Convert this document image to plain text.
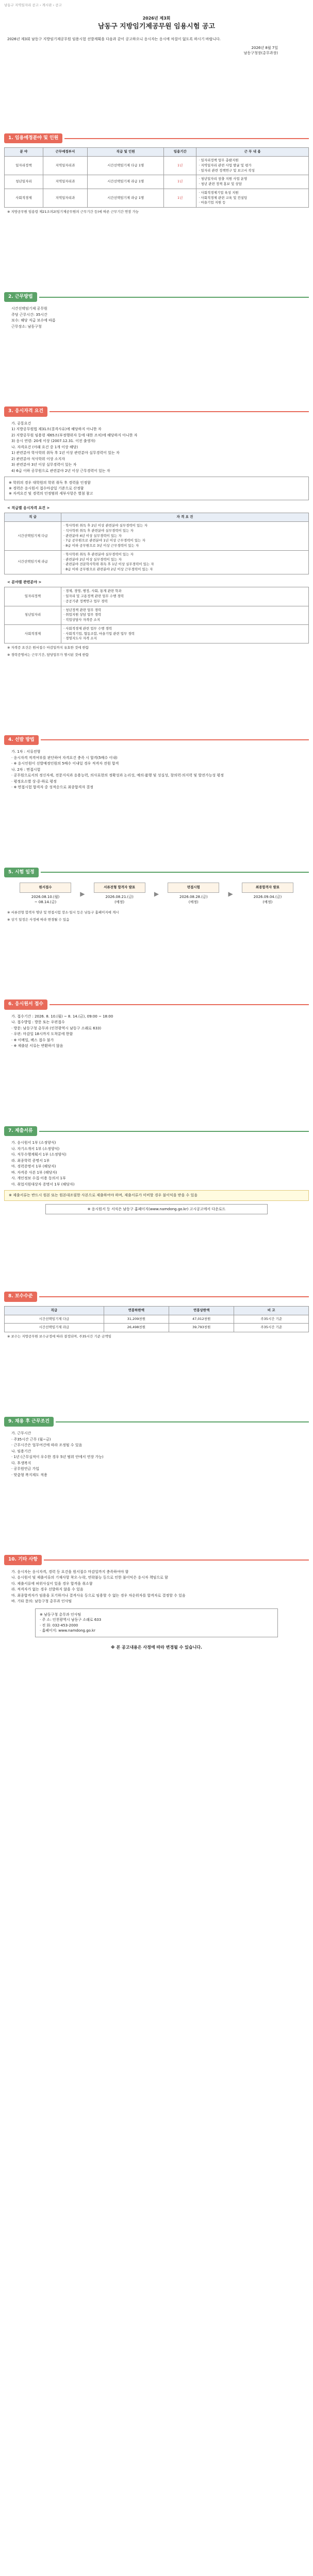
남동구 지역일자리 공고 › 게시판 › 공고
2026년 제3회
남동구 지방임기제공무원 임용시험 공고
2026년 제3회 남동구 지방임기제공무원 임용시험 선발계획을 다음과 같이 공고하오니 응시자는 응시에 차질이 없도록 하시기 바랍니다.
2026년 8월 7일
남동구청장(총무과장)
1. 임용예정분야 및 인원
분 야	근무예정부서	직급 및 인원	임용기간	근 무 내 용
일자리정책	지역일자리과	시간선택임기제 다급 1명	1년	· 일자리정책 업무 총괄지원
· 지역일자리 관련 사업 발굴 및 평가
· 일자리 관련 정책연구 및 보고서 작성
청년일자리	지역일자리과	시간선택임기제 라급 1명	1년	· 청년일자리 창출 지원 사업 운영
· 청년 관련 정책 홍보 및 상담
사회적경제	지역일자리과	시간선택임기제 라급 1명	1년	· 사회적경제기업 육성 지원
· 사회적경제 관련 교육 및 컨설팅
· 마을기업 지원 등
※ 지방공무원 임용령 제21조의2(임기제공무원의 근무기간 등)에 따른 근무기간 연장 가능
2. 근무방법
시간선택임기제 공무원
주당 근무시간: 35시간
보수: 해당 직급 보수에 따름
근무장소: 남동구청
3. 응시자격 요건
가. 공통요건
1) 지방공무원법 제31조(결격사유)에 해당하지 아니한 자
2) 지방공무원 임용령 제65조(부정행위자 등에 대한 조치)에 해당하지 아니한 자
3) 응시 연령: 20세 이상 (2007.12.31. 이전 출생자)
나. 자격요건 (아래 요건 중 1개 이상 해당)
1) 관련분야 학사학위 취득 후 1년 이상 관련분야 실무경력이 있는 자
2) 관련분야 석사학위 이상 소지자
3) 관련분야 3년 이상 실무경력이 있는 자
4) 6급 이하 공무원으로 관련분야 2년 이상 근무경력이 있는 자
※ 학위의 경우 대학원의 학위 취득 후 경력을 인정함
※ 경력은 응시원서 접수마감일 기준으로 산정함
※ 자격요건 및 경력의 인정범위 세부사항은 별첨 참고
< 직급별 응시자격 요건 >
직 급	자 격 요 건
시간선택임기제 다급	· 학사학위 취득 후 2년 이상 관련분야 실무경력이 있는 자
· 석사학위 취득 후 관련분야 실무경력이 있는 자
· 관련분야 4년 이상 실무경력이 있는 자
· 7급 공무원으로 관련분야 1년 이상 근무경력이 있는 자
· 8급 이하 공무원으로 3년 이상 근무경력이 있는 자
시간선택임기제 라급	· 학사학위 취득 후 관련분야 실무경력이 있는 자
· 관련분야 2년 이상 실무경력이 있는 자
· 관련분야 전문학사학위 취득 후 1년 이상 실무경력이 있는 자
· 8급 이하 공무원으로 관련분야 2년 이상 근무경력이 있는 자
< 분야별 관련분야 >
일자리정책	· 경제, 경영, 행정, 사회, 통계 관련 학과
· 일자리 및 고용정책 관련 업무 수행 경력
· 공공기관 정책연구 업무 경력
청년일자리	· 청년정책 관련 업무 경력
· 취업지원 상담 업무 경력
· 직업상담사 자격증 소지
사회적경제	· 사회적경제 관련 업무 수행 경력
· 사회적기업, 협동조합, 마을기업 관련 업무 경력
· 경영지도사 자격 소지
※ 자격증 요건은 원서접수 마감일까지 유효한 것에 한함
※ 경력증명서는 근무기간, 담당업무가 명시된 것에 한함
4. 선발 방법
가. 1차 : 서류전형
· 응시자격 적격여부를 판단하여 자격요건 충족 시 합격(5배수 이내)
· ※ 응시인원이 선발예정인원의 5배수 이내일 경우 적격자 전원 합격
나. 2차 : 면접시험
· 공무원으로서의 정신자세, 전문지식과 응용능력, 의사표현의 정확성과 논리성, 예의·품행 및 성실성, 창의력·의지력 및 발전가능성 평정
· 평정요소별 상·중·하로 평정
· ※ 면접시험 합격자 중 성적순으로 최종합격자 결정
5. 시험 일정
원서접수
2026.08.10.(월)
~ 08.14.(금)
▶
서류전형 합격자 발표
2026.08.21.(금)
(예정)
▶
면접시험
2026.08.28.(금)
(예정)
▶
최종합격자 발표
2026.09.04.(금)
(예정)
※ 서류전형 합격자 명단 및 면접시험 장소·일시 등은 남동구 홈페이지에 게시
※ 상기 일정은 사정에 따라 변경될 수 있음
6. 응시원서 접수
가. 접수기간 : 2026. 8. 10.(월) ~ 8. 14.(금), 09:00 ~ 18:00
나. 접수방법 : 방문 또는 우편접수
· 방문: 남동구청 총무과 (인천광역시 남동구 소래로 633)
· 우편: 마감일 18시까지 도착분에 한함
· ※ 이메일, 팩스 접수 불가
· ※ 제출된 서류는 반환하지 않음
7. 제출서류
가. 응시원서 1부 (소정양식)
나. 자기소개서 1부 (소정양식)
다. 직무수행계획서 1부 (소정양식)
라. 최종학력 증명서 1부
마. 경력증명서 1부 (해당자)
바. 자격증 사본 1부 (해당자)
사. 개인정보 수집·이용 동의서 1부
아. 취업지원대상자 증명서 1부 (해당자)
※ 제출서류는 반드시 원본 또는 원본대조필한 사본으로 제출하여야 하며, 제출서류가 미비할 경우 불이익을 받을 수 있음
※ 응시원서 등 서식은 남동구 홈페이지(www.namdong.go.kr) 고시공고에서 다운로드
8. 보수수준
직급	연봉하한액	연봉상한액	비 고
시간선택임기제 다급	31,209천원	47,012천원	주35시간 기준
시간선택임기제 라급	26,498천원	39,793천원	주35시간 기준
※ 보수는 지방공무원 보수규정에 따라 결정되며, 주35시간 기준 금액임
9. 채용 후 근무조건
가. 근무시간
· 주35시간 근무 (월~금)
· 근무시간은 업무여건에 따라 조정될 수 있음
나. 임용기간
· 1년 (근무실적이 우수한 경우 5년 범위 안에서 연장 가능)
다. 후생복지
· 공무원연금 가입
· 맞춤형 복지제도 적용
10. 기타 사항
가. 응시자는 응시자격, 경력 등 요건을 원서접수 마감일까지 충족하여야 함
나. 응시원서 및 제출서류의 기재사항 착오·누락, 연락불능 등으로 인한 불이익은 응시자 책임으로 함
다. 제출서류에 허위사실이 있을 경우 합격을 취소함
라. 적격자가 없는 경우 선발하지 않을 수 있음
마. 최종합격자가 임용을 포기하거나 결격사유 등으로 임용할 수 없는 경우 차순위자를 합격자로 결정할 수 있음
바. 기타 문의: 남동구청 총무과 인사팀
※ 남동구청 총무과 인사팀
· 주 소: 인천광역시 남동구 소래로 633
· 전 화: 032-453-2000
· 홈페이지: www.namdong.go.kr
※ 본 공고내용은 사정에 따라 변경될 수 있습니다.
